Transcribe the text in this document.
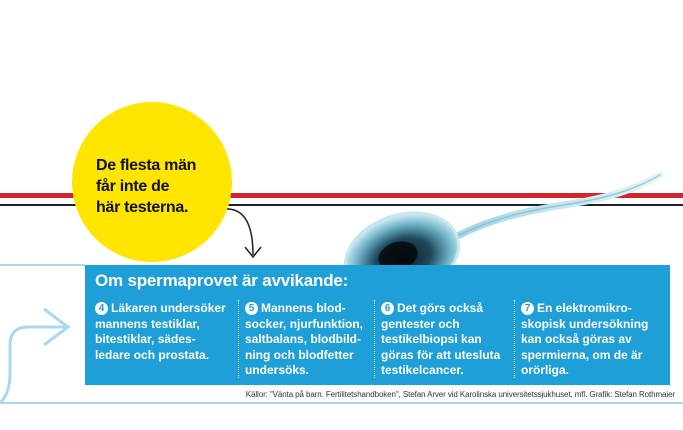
De flesta män
får inte de
här testerna.
Om spermaprovet är avvikande:
4 Läkaren undersöker
mannens testiklar,
bitestiklar, sädes-
ledare och prostata.
5 Mannens blod-
socker, njurfunktion,
saltbalans, blodbild-
ning och blodfetter
undersöks.
6 Det görs också
gentester och
testikelbiopsi kan
göras för att utesluta
testikelcancer.
7 En elektromikro-
skopisk undersökning
kan också göras av
spermierna, om de är
orörliga.
Källor: "Vänta på barn. Fertilitetshandboken", Stefan Arver vid Karolinska universitetssjukhuset, mfl. Grafik: Stefan Rothmaier
